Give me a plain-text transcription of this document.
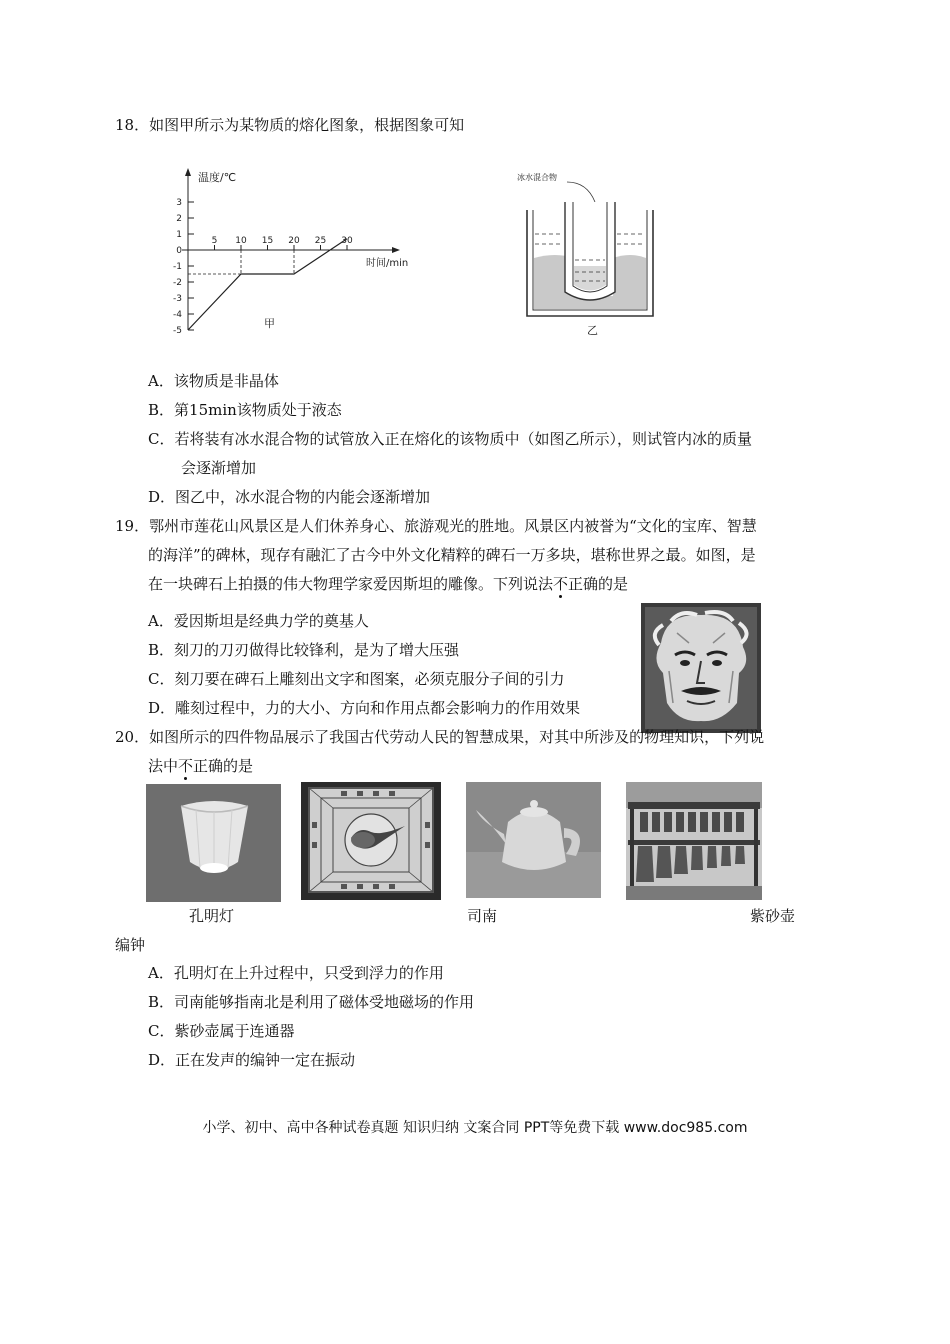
18．如图甲所示为某物质的熔化图象，根据图象可知
温度/℃
时间/min
3
2
1
0
-1
-2
-3
-4
-5
5 10 15 20 25 30
甲
冰水混合物
乙
A．该物质是非晶体
B．第15min该物质处于液态
C．若将装有冰水混合物的试管放入正在熔化的该物质中（如图乙所示），则试管内冰的质量
会逐渐增加
D．图乙中，冰水混合物的内能会逐渐增加
19．鄂州市莲花山风景区是人们休养身心、旅游观光的胜地。风景区内被誉为“文化的宝库、智慧
的海洋”的碑林，现存有融汇了古今中外文化精粹的碑石一万多块，堪称世界之最。如图，是
在一块碑石上拍摄的伟大物理学家爱因斯坦的雕像。下列说法不正确的是
A．爱因斯坦是经典力学的奠基人
B．刻刀的刀刃做得比较锋利，是为了增大压强
C．刻刀要在碑石上雕刻出文字和图案，必须克服分子间的引力
D．雕刻过程中，力的大小、方向和作用点都会影响力的作用效果
20．如图所示的四件物品展示了我国古代劳动人民的智慧成果，对其中所涉及的物理知识，下列说
法中不正确的是
孔明灯	司南	紫砂壶
编钟
A．孔明灯在上升过程中，只受到浮力的作用
B．司南能够指南北是利用了磁体受地磁场的作用
C．紫砂壶属于连通器
D．正在发声的编钟一定在振动
小学、初中、高中各种试卷真题 知识归纳 文案合同 PPT等免费下载 www.doc985.com
